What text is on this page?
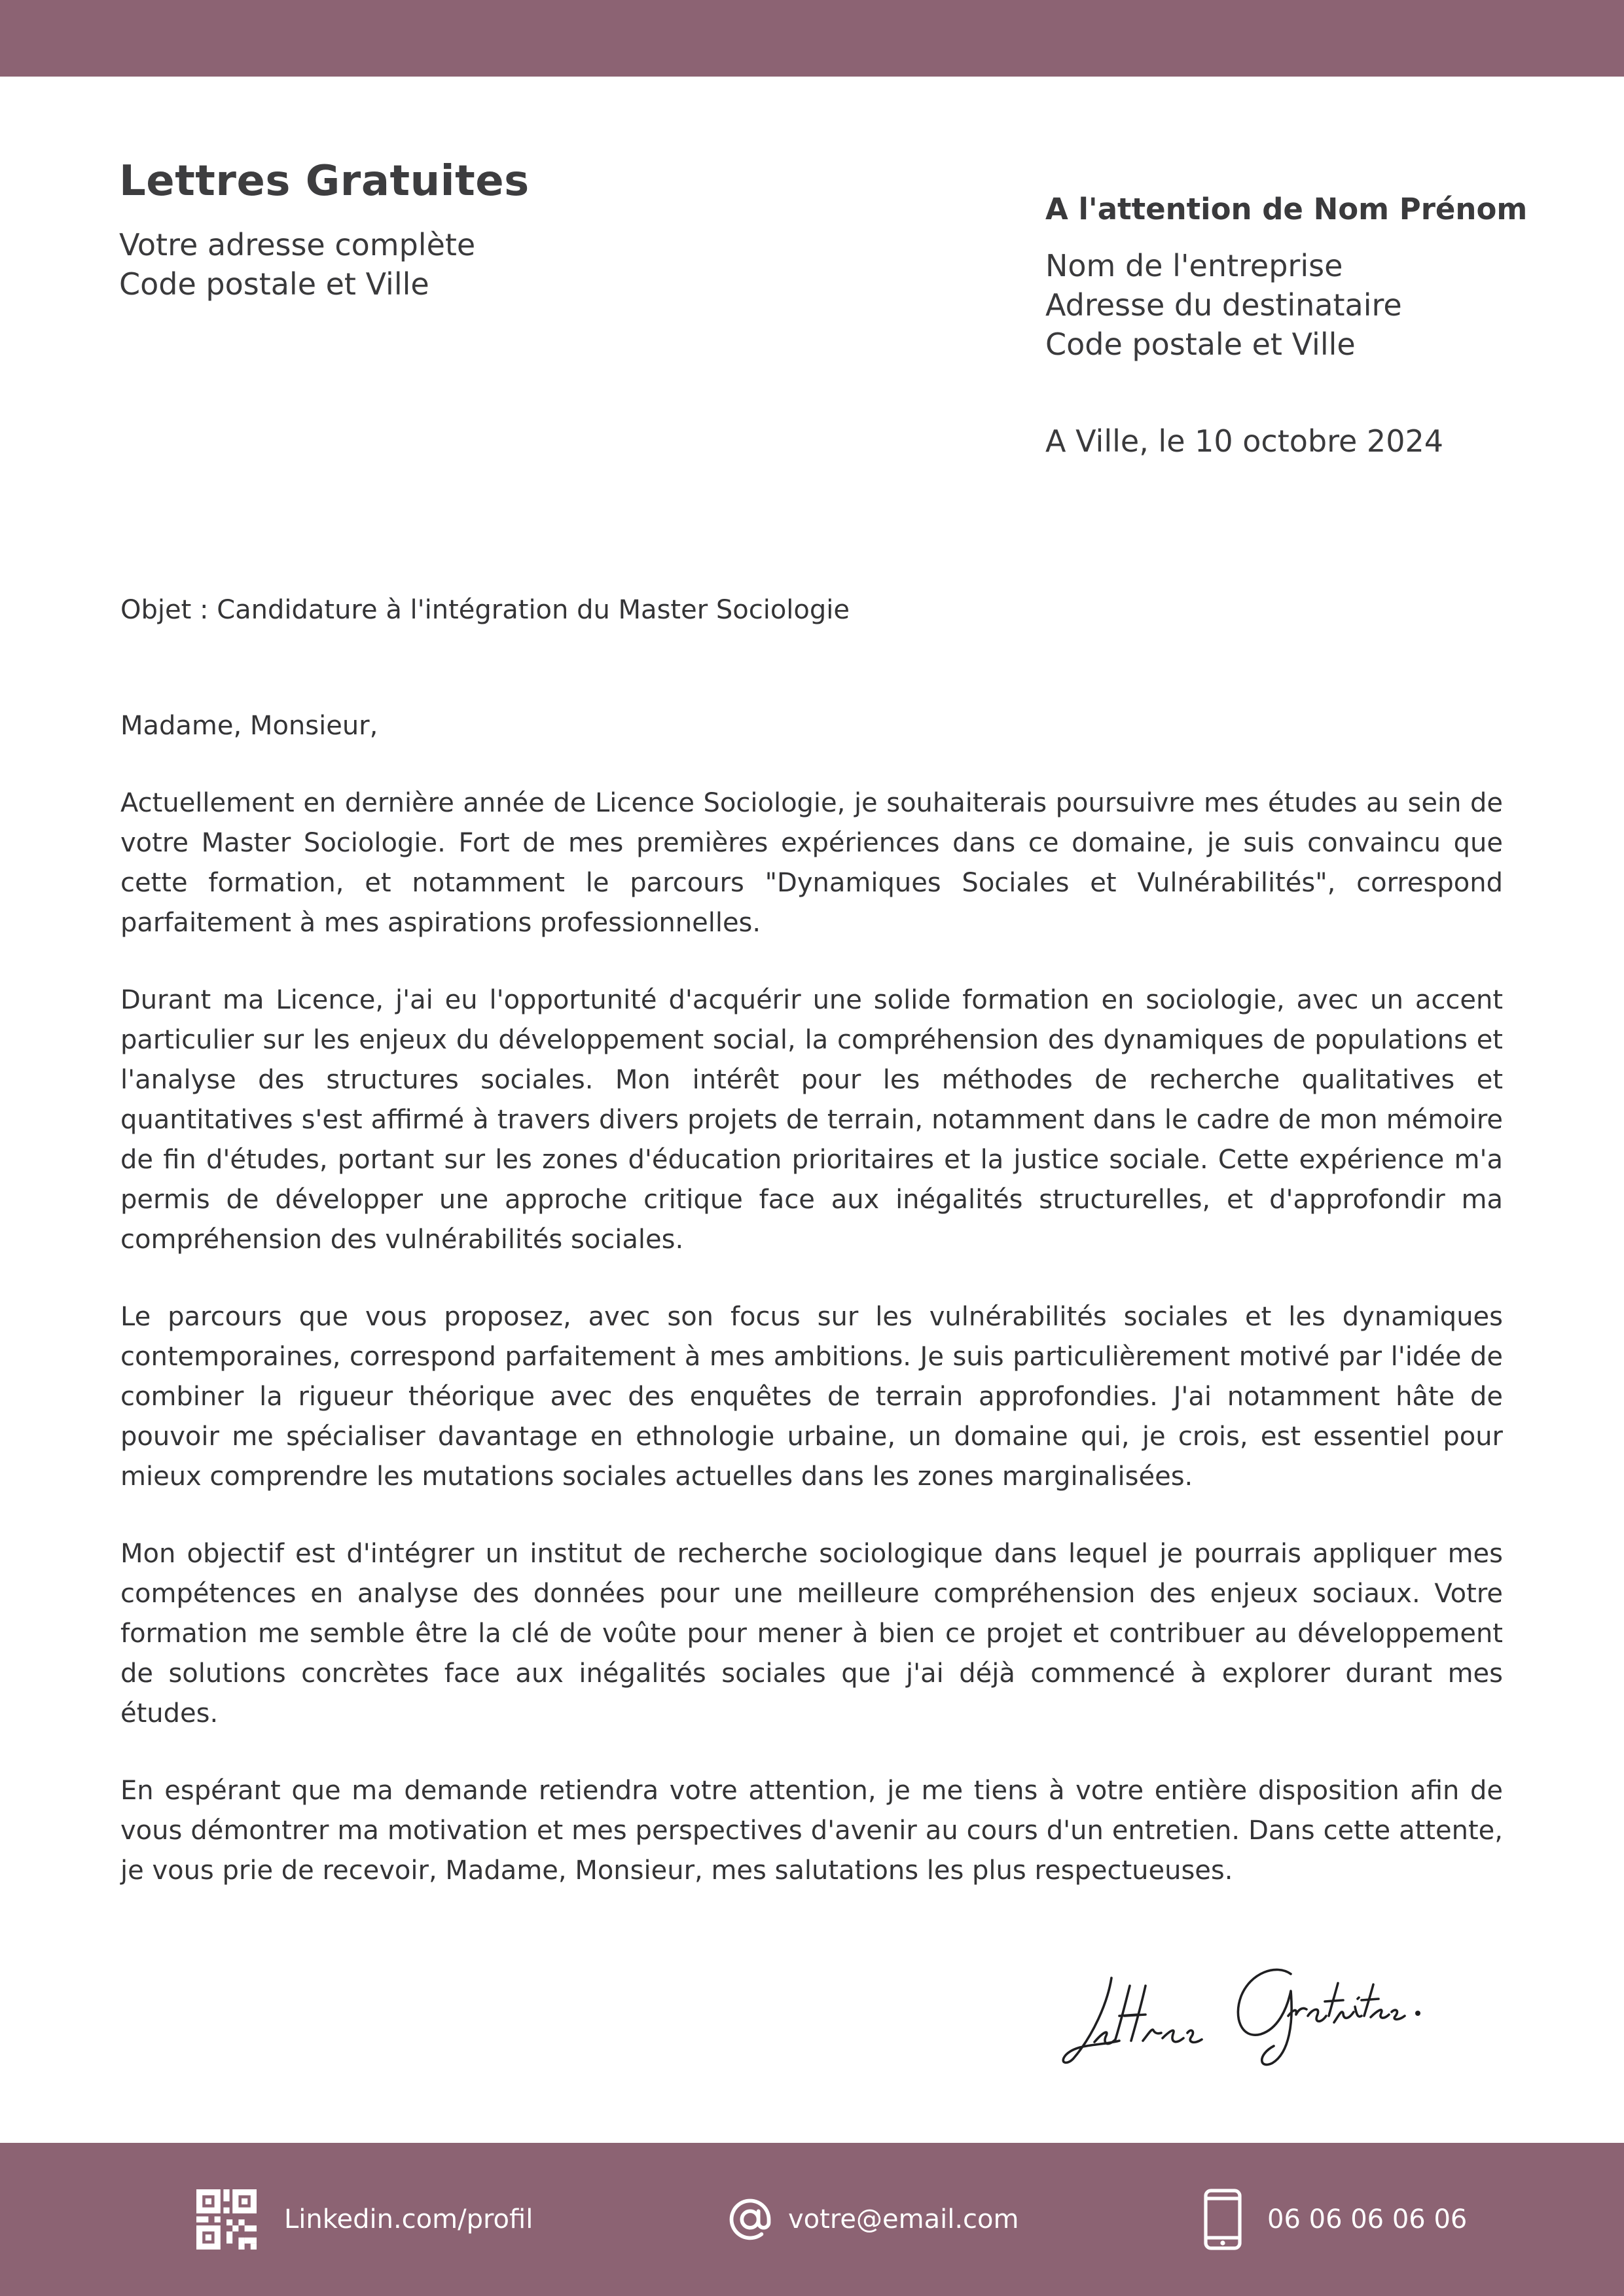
Lettres Gratuites
Votre adresse complète
Code postale et Ville
A l'attention de Nom Prénom
Nom de l'entreprise
Adresse du destinataire
Code postale et Ville
A Ville, le 10 octobre 2024

Objet : Candidature à l'intégration du Master Sociologie

Madame, Monsieur,

Actuellement en dernière année de Licence Sociologie, je souhaiterais poursuivre mes études au sein de votre Master Sociologie. Fort de mes premières expériences dans ce domaine, je suis convaincu que cette formation, et notamment le parcours "Dynamiques Sociales et Vulnérabilités", correspond parfaitement à mes aspirations professionnelles.

Durant ma Licence, j'ai eu l'opportunité d'acquérir une solide formation en sociologie, avec un accent particulier sur les enjeux du développement social, la compréhension des dynamiques de populations et l'analyse des structures sociales. Mon intérêt pour les méthodes de recherche qualitatives et quantitatives s'est affirmé à travers divers projets de terrain, notamment dans le cadre de mon mémoire de fin d'études, portant sur les zones d'éducation prioritaires et la justice sociale. Cette expérience m'a permis de développer une approche critique face aux inégalités structurelles, et d'approfondir ma compréhension des vulnérabilités sociales.

Le parcours que vous proposez, avec son focus sur les vulnérabilités sociales et les dynamiques contemporaines, correspond parfaitement à mes ambitions. Je suis particulièrement motivé par l'idée de combiner la rigueur théorique avec des enquêtes de terrain approfondies. J'ai notamment hâte de pouvoir me spécialiser davantage en ethnologie urbaine, un domaine qui, je crois, est essentiel pour mieux comprendre les mutations sociales actuelles dans les zones marginalisées.

Mon objectif est d'intégrer un institut de recherche sociologique dans lequel je pourrais appliquer mes compétences en analyse des données pour une meilleure compréhension des enjeux sociaux. Votre formation me semble être la clé de voûte pour mener à bien ce projet et contribuer au développement de solutions concrètes face aux inégalités sociales que j'ai déjà commencé à explorer durant mes études.

En espérant que ma demande retiendra votre attention, je me tiens à votre entière disposition afin de vous démontrer ma motivation et mes perspectives d'avenir au cours d'un entretien. Dans cette attente, je vous prie de recevoir, Madame, Monsieur, mes salutations les plus respectueuses.

Linkedin.com/profil	votre@email.com	06 06 06 06 06
